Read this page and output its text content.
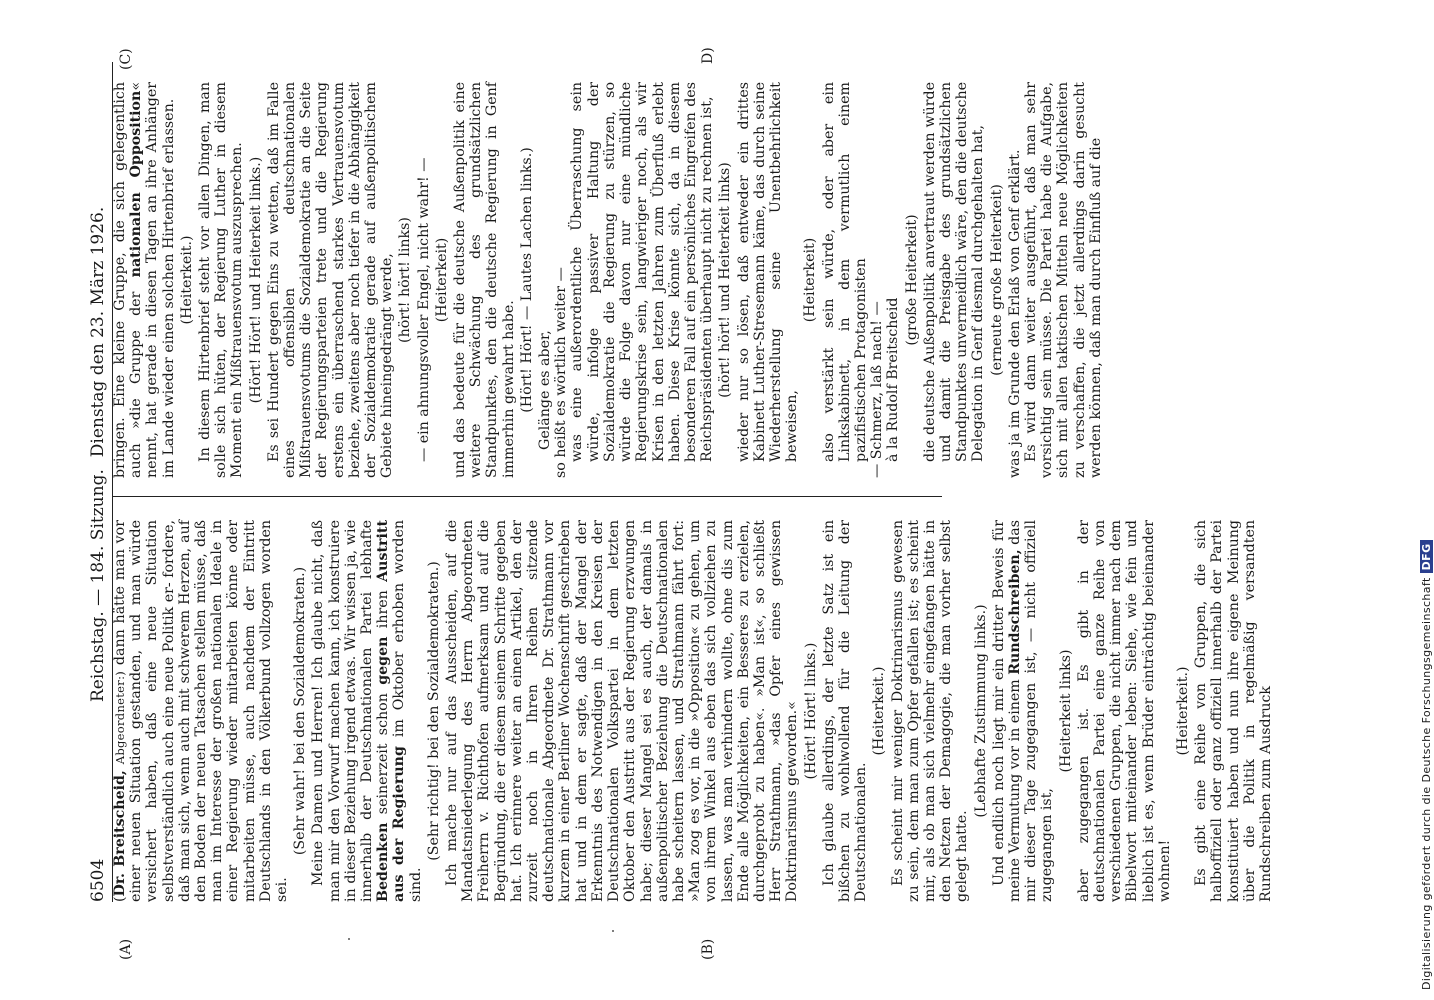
6504
Reichstag. — 184. Sitzung.
Dienstag den 23. März 1926.
(A)	(B)
(C)	D)

(Dr. Breitscheid, Abgeordneter:) dann hätte man vor einer neuen Situation gestanden, und man würde versichert haben, daß eine neue Situation selbstverständlich auch eine neue Politik er- fordere, daß man sich, wenn auch mit schwerem Herzen, auf den Boden der neuen Tatsachen stellen müsse, daß man im Interesse der großen nationalen Ideale in einer Regierung wieder mitarbeiten könne oder mitarbeiten müsse, auch nachdem der Eintritt Deutschlands in den Völkerbund vollzogen worden sei.

(Sehr wahr! bei den Sozialdemokraten.) Meine Damen und Herren! Ich glaube nicht, daß man mir den Vorwurf machen kann, ich konstruiere in dieser Beziehung irgend etwas. Wir wissen ja, wie innerhalb der Deutschnationalen Partei lebhafte Bedenken seinerzeit schon gegen ihren Austritt aus der Regierung im Oktober erhoben worden sind.

(Sehr richtig! bei den Sozialdemokraten.) Ich mache nur auf das Ausscheiden, auf die Mandatsniederlegung des Herrn Abgeordneten Freiherrn v. Richthofen aufmerksam und auf die Begründung, die er diesem seinem Schritte gegeben hat. Ich erinnere weiter an einen Artikel, den der zurzeit noch in Ihren Reihen sitzende deutschnationale Abgeordnete Dr. Strathmann vor kurzem in einer Berliner Wochenschrift geschrieben hat und in dem er sagte, daß der Mangel der Erkenntnis des Notwendigen in den Kreisen der Deutschnationalen Volkspartei in dem letzten Oktober den Austritt aus der Regierung erzwungen habe; dieser Mangel sei es auch, der damals in außenpolitischer Beziehung die Deutschnationalen habe scheitern lassen, und Strathmann fährt fort: »Man zog es vor, in die »Opposition« zu gehen, um von ihrem Winkel aus eben das sich vollziehen zu lassen, was man verhindern wollte, ohne dis zum Ende alle Möglichkeiten, ein Besseres zu erzielen, durchgeprobt zu haben«. »Man ist«, so schließt Herr Strathmann, »das Opfer eines gewissen Doktrinarismus geworden.« (Hört! Hört! links.) Ich glaube allerdings, der letzte Satz ist ein bißchen zu wohlwollend für die Leitung der Deutschnationalen.

(Heiterkeit.) Es scheint mir weniger Doktrinarismus gewesen zu sein, dem man zum Opfer gefallen ist; es scheint mir, als ob man sich vielmehr eingefangen hätte in den Netzen der Demagogie, die man vorher selbst gelegt hatte.

(Lebhafte Zustimmung links.) Und endlich noch liegt mir ein dritter Beweis für meine Vermutung vor in einem Rundschreiben, das mir dieser Tage zugegangen ist, — nicht offiziell zugegangen ist,

(Heiterkeit links) aber zugegangen ist. Es gibt in der deutschnationalen Partei eine ganze Reihe von verschiedenen Gruppen, die nicht immer nach dem Bibelwort miteinander leben: Siehe, wie fein und lieblich ist es, wenn Brüder einträchtig beieinander wohnen!

(Heiterkeit.) Es gibt eine Reihe von Gruppen, die sich halboffiziell oder ganz offiziell innerhalb der Partei konstituiert haben und nun ihre eigene Meinung über die Politik in regelmäßig versandten Rundschreiben zum Ausdruck

bringen. Eine kleine Gruppe, die sich gelegentlich auch »die Gruppe der nationalen Opposition« nennt, hat gerade in diesen Tagen an ihre Anhänger im Lande wieder einen solchen Hirtenbrief erlassen. (Heiterkeit.) In diesem Hirtenbrief steht vor allen Dingen, man solle sich hüten, der Regierung Luther in diesem Moment ein Mißtrauensvotum auszusprechen. (Hört! Hört! und Heiterkeit links.) Es sei Hundert gegen Eins zu wetten, daß im Falle eines offensiblen deutschnationalen Mißtrauensvotums die Sozialdemokratie an die Seite der Regierungsparteien trete und die Regierung erstens ein überraschend starkes Vertrauensvotum beziehe, zweitens aber noch tiefer in die Abhängigkeit der Sozialdemokratie gerade auf außenpolitischem Gebiete hineingedrängt werde, (hört! hört! links) — ein ahnungsvoller Engel, nicht wahr! — (Heiterkeit) und das bedeute für die deutsche Außenpolitik eine weitere Schwächung des grundsätzlichen Standpunktes, den die deutsche Regierung in Genf immerhin gewahrt habe. (Hört! Hört! — Lautes Lachen links.) Gelänge es aber, so heißt es wörtlich weiter — was eine außerordentliche Überraschung sein würde, infolge passiver Haltung der Sozialdemokratie die Regierung zu stürzen, so würde die Folge davon nur eine mündliche Regierungskrise sein, langwieriger noch, als wir Krisen in den letzten Jahren zum Überfluß erlebt haben. Diese Krise könnte sich, da in diesem besonderen Fall auf ein persönliches Eingreifen des Reichspräsidenten überhaupt nicht zu rechnen ist, (hört! hört! und Heiterkeit links) wieder nur so lösen, daß entweder ein drittes Kabinett Luther-Stresemann käme, das durch seine Wiederherstellung seine Unentbehrlichkeit beweisen,

(Heiterkeit) also verstärkt sein würde, oder aber ein Linkskabinett, in dem vermutlich einem pazifistischen Protagonisten — Schmerz, laß nach! — à la Rudolf Breitscheid

(große Heiterkeit) die deutsche Außenpolitik anvertraut werden würde und damit die Preisgabe des grundsätzlichen Standpunktes unvermeidlich wäre, den die deutsche Delegation in Genf diesmal durchgehalten hat, (erneute große Heiterkeit) was ja im Grunde den Erlaß von Genf erklärt. Es wird dann weiter ausgeführt, daß man sehr vorsichtig sein müsse. Die Partei habe die Aufgabe, sich mit allen taktischen Mitteln neue Möglichkeiten zu verschaffen, die jetzt allerdings darin gesucht werden können, daß man durch Einfluß auf die

Digitalisierung gefördert durch die Deutsche Forschungsgemeinschaft DFG
